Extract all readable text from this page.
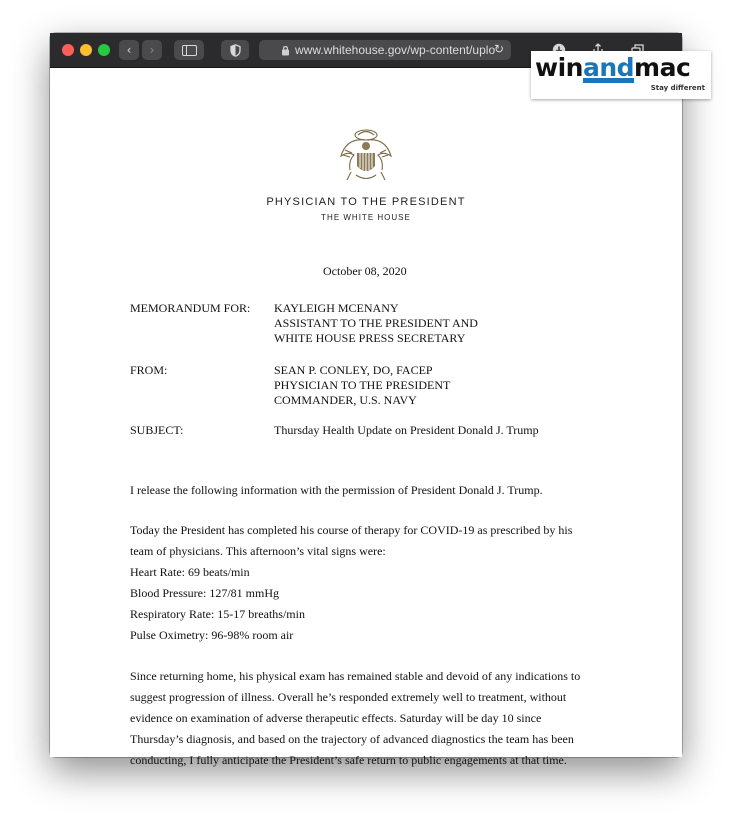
‹ ›	www.whitehouse.gov/wp-content/uplo
↻
PHYSICIAN TO THE PRESIDENT
THE WHITE HOUSE
October 08, 2020
MEMORANDUM FOR: KAYLEIGH MCENANY
ASSISTANT TO THE PRESIDENT AND
WHITE HOUSE PRESS SECRETARY
FROM:	SEAN P. CONLEY, DO, FACEP
PHYSICIAN TO THE PRESIDENT
COMMANDER, U.S. NAVY
SUBJECT:	Thursday Health Update on President Donald J. Trump
I release the following information with the permission of President Donald J. Trump.
Today the President has completed his course of therapy for COVID-19 as prescribed by his
team of physicians. This afternoon’s vital signs were:
Heart Rate: 69 beats/min
Blood Pressure: 127/81 mmHg
Respiratory Rate: 15-17 breaths/min
Pulse Oximetry: 96-98% room air
Since returning home, his physical exam has remained stable and devoid of any indications to
suggest progression of illness. Overall he’s responded extremely well to treatment, without
evidence on examination of adverse therapeutic effects. Saturday will be day 10 since
Thursday’s diagnosis, and based on the trajectory of advanced diagnostics the team has been
conducting, I fully anticipate the President’s safe return to public engagements at that time.
winandmac
Stay different
